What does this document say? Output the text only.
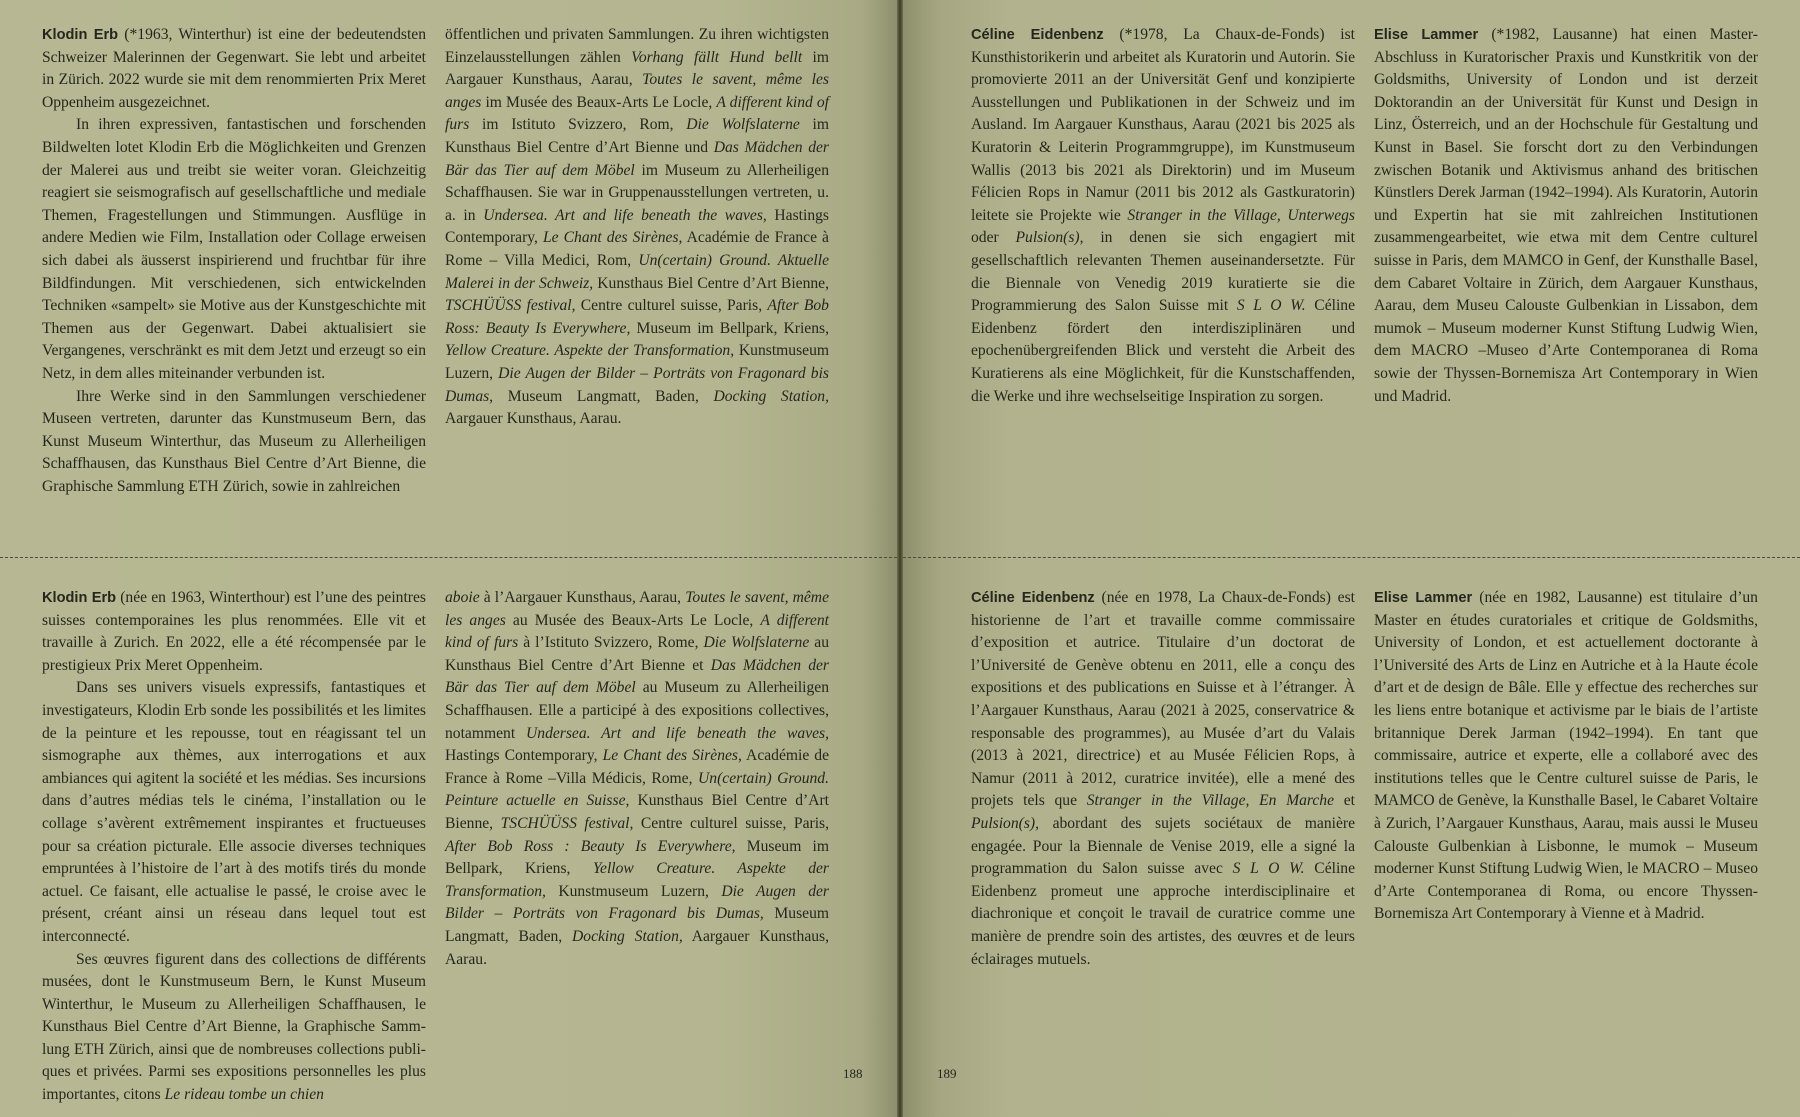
Klodin Erb (*1963, Winterthur) ist eine der bedeutendsten Schweizer Malerinnen der Gegenwart. Sie lebt und arbeitet in Zürich. 2022 wurde sie mit dem renommierten Prix Meret Oppenheim ausgezeichnet.

In ihren expressiven, fantastischen und forschenden Bildwelten lotet Klodin Erb die Möglichkeiten und Grenzen der Malerei aus und treibt sie weiter voran. Gleichzeitig reagiert sie seismografisch auf gesellschaftliche und mediale Themen, Fragestellungen und Stimmungen. Ausflüge in andere Medien wie Film, Installation oder Collage erweisen sich dabei als äusserst inspirierend und fruchtbar für ihre Bildfindungen. Mit verschiedenen, sich entwickelnden Techniken «sampelt» sie Motive aus der Kunstgeschichte mit Themen aus der Gegenwart. Dabei aktualisiert sie Vergangenes, verschränkt es mit dem Jetzt und erzeugt so ein Netz, in dem alles miteinander verbunden ist.

Ihre Werke sind in den Sammlungen verschiedener Museen vertreten, darunter das Kunstmuseum Bern, das Kunst Museum Winterthur, das Museum zu Allerheiligen Schaffhausen, das Kunsthaus Biel Centre d’Art Bienne, die Graphische Sammlung ETH Zürich, sowie in zahlreichen

öffentlichen und privaten Sammlungen. Zu ihren wichtigsten Einzelausstellungen zählen Vorhang fällt Hund bellt im Aargauer Kunsthaus, Aarau, Toutes le savent, même les anges im Musée des Beaux-Arts Le Locle, A different kind of furs im Istituto Svizzero, Rom, Die Wolfslaterne im Kunsthaus Biel Centre d’Art Bienne und Das Mädchen der Bär das Tier auf dem Möbel im Museum zu Allerheiligen Schaffhausen. Sie war in Gruppenausstellungen vertreten, u. a. in Undersea. Art and life beneath the waves, Hastings Contemporary, Le Chant des Sirènes, Académie de France à Rome – Villa Medici, Rom, Un(certain) Ground. Aktuelle Malerei in der Schweiz, Kunsthaus Biel Centre d’Art Bienne, TSCHÜÜSS festival, Centre culturel suisse, Paris, After Bob Ross: Beauty Is Everywhere, Museum im Bellpark, Kriens, Yellow Creature. Aspekte der Transformation, Kunstmuseum Luzern, Die Augen der Bilder – Porträts von Fragonard bis Dumas, Museum Langmatt, Baden, Docking Station, Aargauer Kunsthaus, Aarau.

Klodin Erb (née en 1963, Winterthour) est l’une des peintres suisses contemporaines les plus renommées. Elle vit et travaille à Zurich. En 2022, elle a été récompensée par le prestigieux Prix Meret Oppenheim.

Dans ses univers visuels expressifs, fantastiques et investigateurs, Klodin Erb sonde les possibilités et les limites de la peinture et les repousse, tout en réagissant tel un sismographe aux thèmes, aux interrogations et aux ambiances qui agitent la société et les médias. Ses incursions dans d’autres médias tels le cinéma, l’installation ou le collage s’avèrent extrêmement inspirantes et fructueuses pour sa création picturale. Elle associe diverses techniques empruntées à l’histoire de l’art à des motifs tirés du monde actuel. Ce faisant, elle actualise le passé, le croise avec le présent, créant ainsi un réseau dans lequel tout est interconnecté.

Ses œuvres figurent dans des collections de différents musées, dont le Kunstmuseum Bern, le Kunst Museum Winterthur, le Museum zu Allerheiligen Schaffhausen, le Kunsthaus Biel Centre d’Art Bienne, la Graphische Samm-lung ETH Zürich, ainsi que de nombreuses collections publi-ques et privées. Parmi ses expositions personnelles les plus importantes, citons Le rideau tombe un chien

aboie à l’Aargauer Kunsthaus, Aarau, Toutes le savent, même les anges au Musée des Beaux-Arts Le Locle, A different kind of furs à l’Istituto Svizzero, Rome, Die Wolfslaterne au Kunsthaus Biel Centre d’Art Bienne et Das Mädchen der Bär das Tier auf dem Möbel au Museum zu Allerheiligen Schaffhausen. Elle a participé à des expositions collectives, notamment Undersea. Art and life beneath the waves, Hastings Contemporary, Le Chant des Sirènes, Académie de France à Rome –Villa Médicis, Rome, Un(certain) Ground. Peinture actuelle en Suisse, Kunsthaus Biel Centre d’Art Bienne, TSCHÜÜSS festival, Centre culturel suisse, Paris, After Bob Ross : Beauty Is Everywhere, Museum im Bellpark, Kriens, Yellow Creature. Aspekte der Transformation, Kunstmuseum Luzern, Die Augen der Bilder – Porträts von Fragonard bis Dumas, Museum Langmatt, Baden, Docking Station, Aargauer Kunsthaus, Aarau.

188

Céline Eidenbenz (*1978, La Chaux-de-Fonds) ist Kunsthistorikerin und arbeitet als Kuratorin und Autorin. Sie promovierte 2011 an der Universität Genf und konzipierte Ausstellungen und Publikationen in der Schweiz und im Ausland. Im Aargauer Kunsthaus, Aarau (2021 bis 2025 als Kuratorin & Leiterin Programmgruppe), im Kunstmuseum Wallis (2013 bis 2021 als Direktorin) und im Museum Félicien Rops in Namur (2011 bis 2012 als Gastkuratorin) leitete sie Projekte wie Stranger in the Village, Unterwegs oder Pulsion(s), in denen sie sich engagiert mit gesellschaftlich relevanten Themen auseinandersetzte. Für die Biennale von Venedig 2019 kuratierte sie die Programmierung des Salon Suisse mit S L O W. Céline Eidenbenz fördert den interdisziplinären und epochenübergreifenden Blick und versteht die Arbeit des Kuratierens als eine Möglichkeit, für die Kunstschaffenden, die Werke und ihre wechselseitige Inspiration zu sorgen.

Elise Lammer (*1982, Lausanne) hat einen Master-Abschluss in Kuratorischer Praxis und Kunstkritik von der Goldsmiths, University of London und ist derzeit Doktorandin an der Universität für Kunst und Design in Linz, Österreich, und an der Hochschule für Gestaltung und Kunst in Basel. Sie forscht dort zu den Verbindungen zwischen Botanik und Aktivismus anhand des britischen Künstlers Derek Jarman (1942–1994). Als Kuratorin, Autorin und Expertin hat sie mit zahlreichen Institutionen zusammengearbeitet, wie etwa mit dem Centre culturel suisse in Paris, dem MAMCO in Genf, der Kunsthalle Basel, dem Cabaret Voltaire in Zürich, dem Aargauer Kunsthaus, Aarau, dem Museu Calouste Gulbenkian in Lissabon, dem mumok – Museum moderner Kunst Stiftung Ludwig Wien, dem MACRO –Museo d’Arte Contemporanea di Roma sowie der Thyssen-Bornemisza Art Contemporary in Wien und Madrid.

Céline Eidenbenz (née en 1978, La Chaux-de-Fonds) est historienne de l’art et travaille comme commissaire d’exposition et autrice. Titulaire d’un doctorat de l’Université de Genève obtenu en 2011, elle a conçu des expositions et des publications en Suisse et à l’étranger. À l’Aargauer Kunsthaus, Aarau (2021 à 2025, conservatrice & responsable des programmes), au Musée d’art du Valais (2013 à 2021, directrice) et au Musée Félicien Rops, à Namur (2011 à 2012, curatrice invitée), elle a mené des projets tels que Stranger in the Village, En Marche et Pulsion(s), abordant des sujets sociétaux de manière engagée. Pour la Biennale de Venise 2019, elle a signé la programmation du Salon suisse avec S L O W. Céline Eidenbenz promeut une approche interdisciplinaire et diachronique et conçoit le travail de curatrice comme une manière de prendre soin des artistes, des œuvres et de leurs éclairages mutuels.

Elise Lammer (née en 1982, Lausanne) est titulaire d’un Master en études curatoriales et critique de Goldsmiths, University of London, et est actuellement doctorante à l’Université des Arts de Linz en Autriche et à la Haute école d’art et de design de Bâle. Elle y effectue des recherches sur les liens entre botanique et activisme par le biais de l’artiste britannique Derek Jarman (1942–1994). En tant que commissaire, autrice et experte, elle a collaboré avec des institutions telles que le Centre culturel suisse de Paris, le MAMCO de Genève, la Kunsthalle Basel, le Cabaret Voltaire à Zurich, l’Aargauer Kunsthaus, Aarau, mais aussi le Museu Calouste Gulbenkian à Lisbonne, le mumok – Museum moderner Kunst Stiftung Ludwig Wien, le MACRO – Museo d’Arte Contemporanea di Roma, ou encore Thyssen-Bornemisza Art Contemporary à Vienne et à Madrid.

189
